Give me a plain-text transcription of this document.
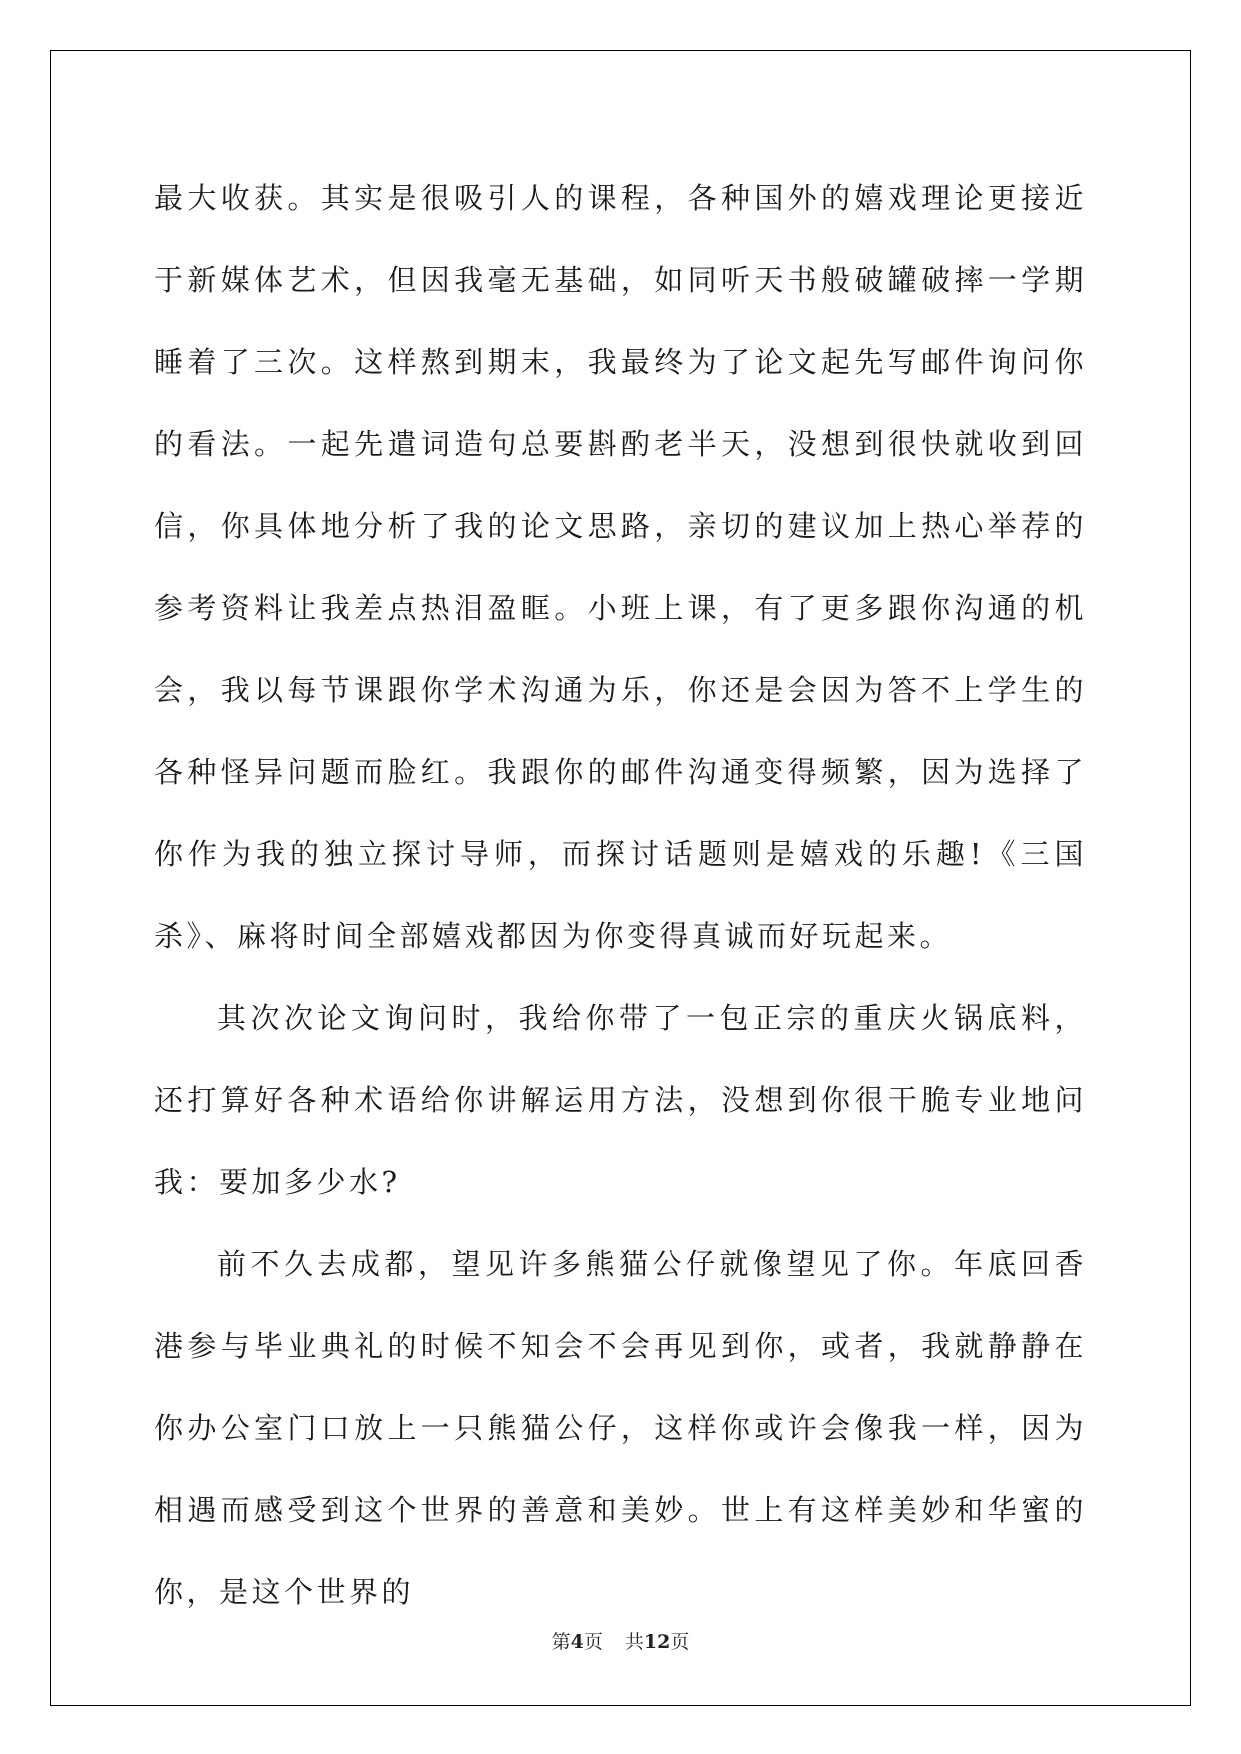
最大收获。其实是很吸引人的课程，各种国外的嬉戏理论更接近于新媒体艺术，但因我毫无基础，如同听天书般破罐破摔一学期睡着了三次。这样熬到期末，我最终为了论文起先写邮件询问你的看法。一起先遣词造句总要斟酌老半天，没想到很快就收到回信，你具体地分析了我的论文思路，亲切的建议加上热心举荐的参考资料让我差点热泪盈眶。小班上课，有了更多跟你沟通的机会，我以每节课跟你学术沟通为乐，你还是会因为答不上学生的各种怪异问题而脸红。我跟你的邮件沟通变得频繁，因为选择了你作为我的独立探讨导师，而探讨话题则是嬉戏的乐趣!《三国杀》、麻将时间全部嬉戏都因为你变得真诚而好玩起来。

其次次论文询问时，我给你带了一包正宗的重庆火锅底料，还打算好各种术语给你讲解运用方法，没想到你很干脆专业地问我：要加多少水?

前不久去成都，望见许多熊猫公仔就像望见了你。年底回香港参与毕业典礼的时候不知会不会再见到你，或者，我就静静在你办公室门口放上一只熊猫公仔，这样你或许会像我一样，因为相遇而感受到这个世界的善意和美妙。世上有这样美妙和华蜜的你，是这个世界的

第4页 共12页
